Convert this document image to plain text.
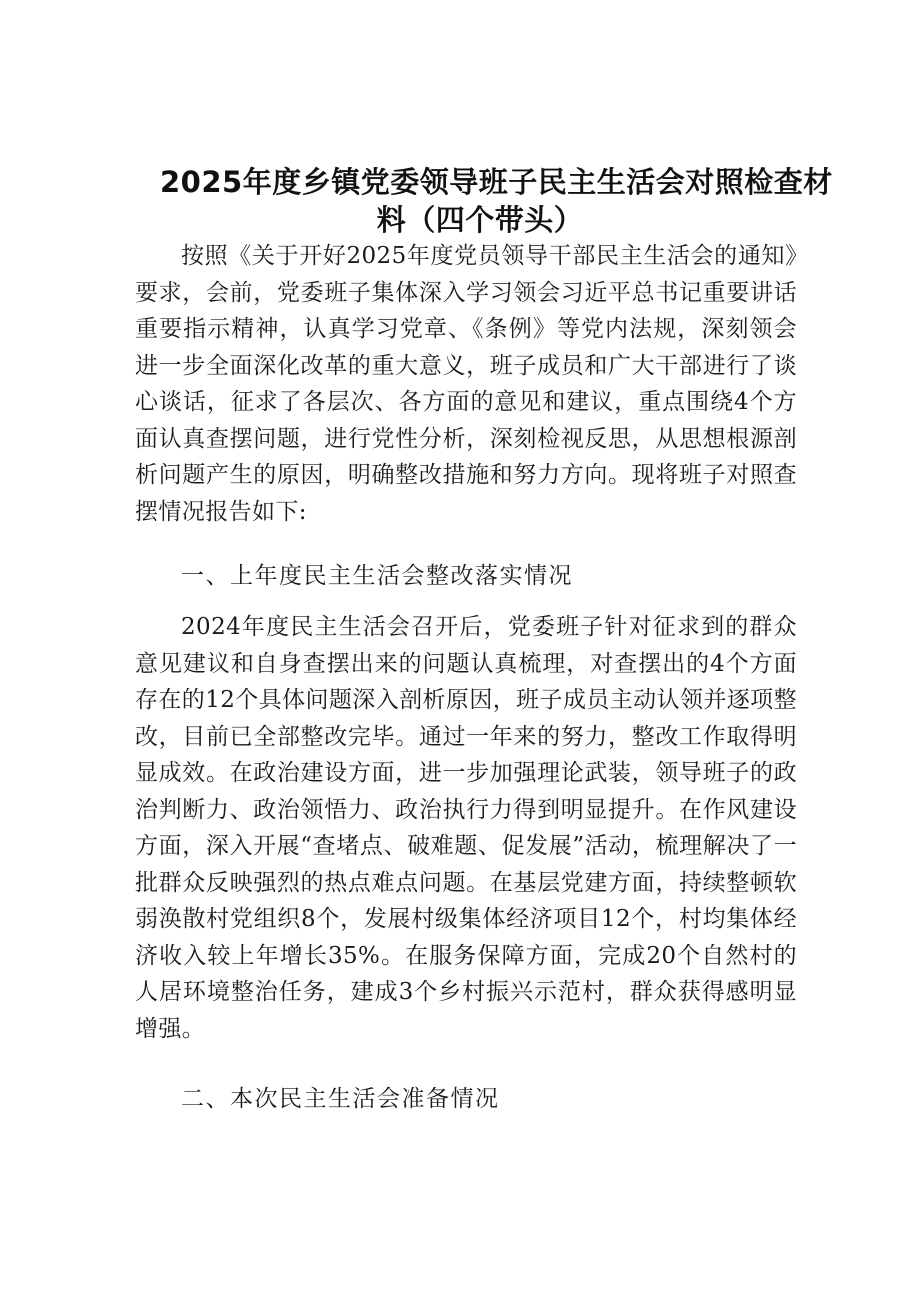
2025年度乡镇党委领导班子民主生活会对照检查材
料（四个带头）

按照《关于开好2025年度党员领导干部民主生活会的通知》要求，会前，党委班子集体深入学习领会习近平总书记重要讲话重要指示精神，认真学习党章、《条例》等党内法规，深刻领会进一步全面深化改革的重大意义，班子成员和广大干部进行了谈心谈话，征求了各层次、各方面的意见和建议，重点围绕4个方面认真查摆问题，进行党性分析，深刻检视反思，从思想根源剖析问题产生的原因，明确整改措施和努力方向。现将班子对照查摆情况报告如下:

一、上年度民主生活会整改落实情况

2024年度民主生活会召开后，党委班子针对征求到的群众意见建议和自身查摆出来的问题认真梳理，对查摆出的4个方面存在的12个具体问题深入剖析原因，班子成员主动认领并逐项整改，目前已全部整改完毕。通过一年来的努力，整改工作取得明显成效。在政治建设方面，进一步加强理论武装，领导班子的政治判断力、政治领悟力、政治执行力得到明显提升。在作风建设方面，深入开展“查堵点、破难题、促发展”活动，梳理解决了一批群众反映强烈的热点难点问题。在基层党建方面，持续整顿软弱涣散村党组织8个，发展村级集体经济项目12个，村均集体经济收入较上年增长35%。在服务保障方面，完成20个自然村的人居环境整治任务，建成3个乡村振兴示范村，群众获得感明显增强。

二、本次民主生活会准备情况
